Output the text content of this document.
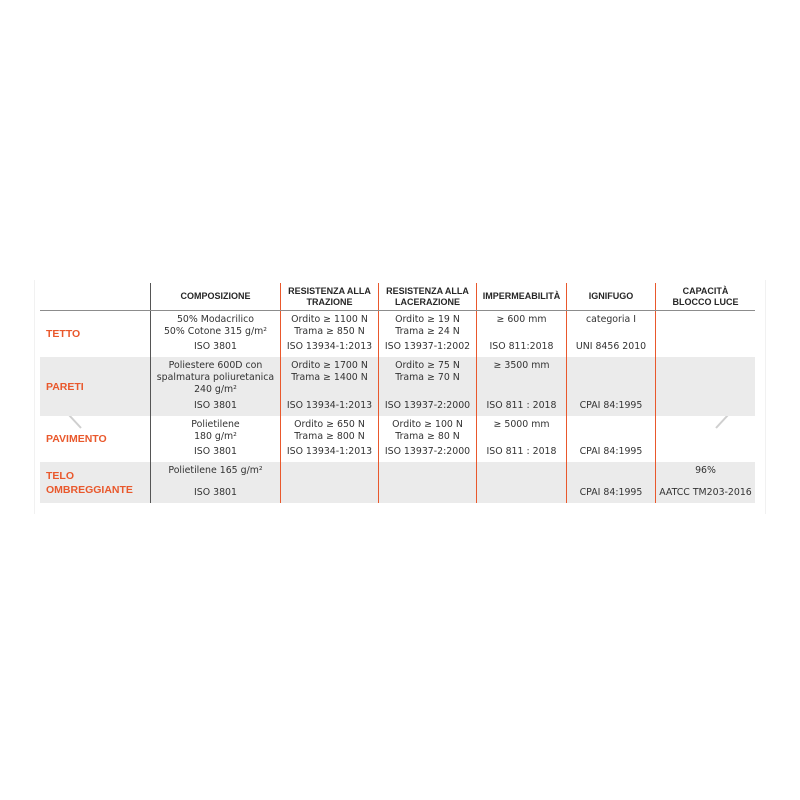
COMPOSIZIONE
RESISTENZA ALLA
TRAZIONE
RESISTENZA ALLA
LACERAZIONE
IMPERMEABILITÀ	IGNIFUGO
CAPACITÀ
BLOCCO LUCE
TETTO
50% Modacrilico
50% Cotone 315 g/m²
ISO 3801
Ordito ≥ 1100 N
Trama ≥ 850 N
ISO 13934-1:2013
Ordito ≥ 19 N
Trama ≥ 24 N
ISO 13937-1:2002
≥ 600 mm
ISO 811:2018
categoria I
UNI 8456 2010
PARETI
Poliestere 600D con
spalmatura poliuretanica
240 g/m²
ISO 3801
Ordito ≥ 1700 N
Trama ≥ 1400 N
ISO 13934-1:2013
Ordito ≥ 75 N
Trama ≥ 70 N
ISO 13937-2:2000
≥ 3500 mm
ISO 811 : 2018 CPAI 84:1995
PAVIMENTO
Polietilene
180 g/m²
ISO 3801
Ordito ≥ 650 N
Trama ≥ 800 N
ISO 13934-1:2013
Ordito ≥ 100 N
Trama ≥ 80 N
ISO 13937-2:2000
≥ 5000 mm
ISO 811 : 2018 CPAI 84:1995
TELO
OMBREGGIANTE
Polietilene 165 g/m²
ISO 3801	CPAI 84:1995
96%
AATCC TM203-2016
